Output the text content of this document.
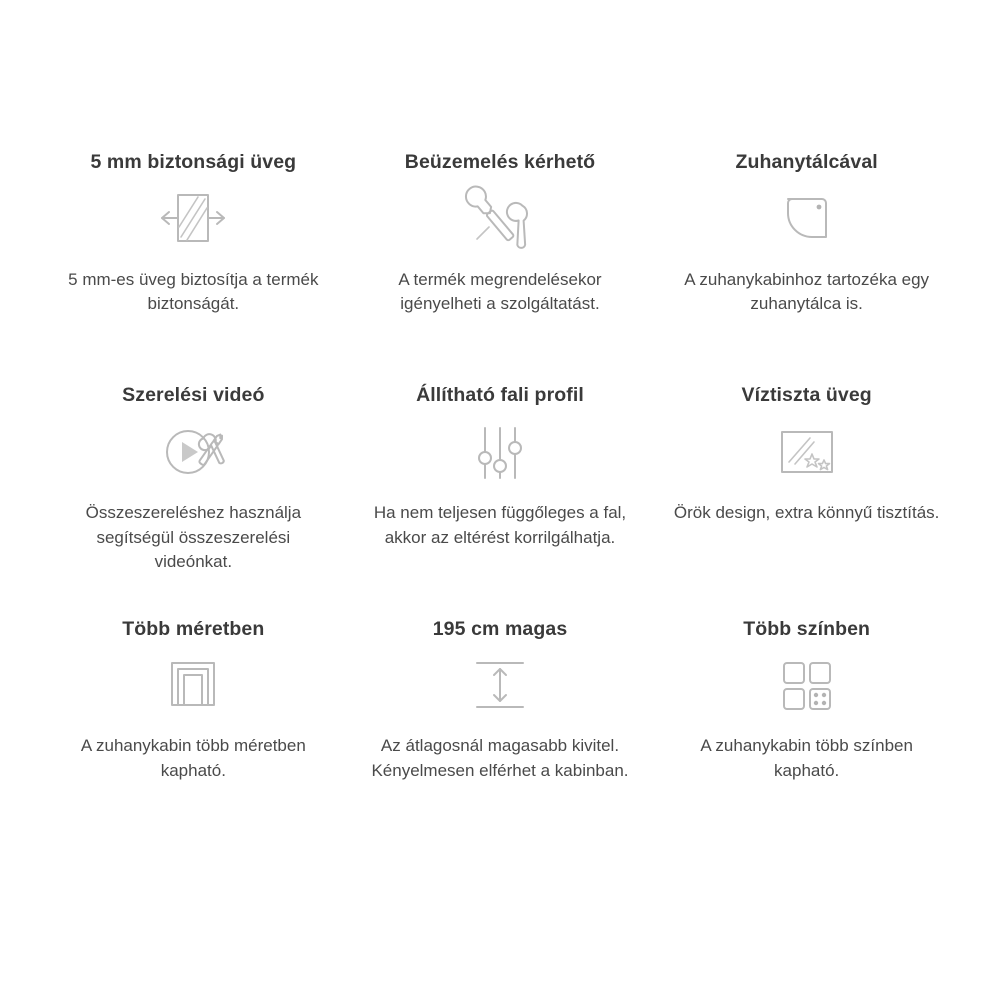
5 mm biztonsági üveg
5 mm-es üveg biztosítja a termék biztonságát.
Beüzemelés kérhető
A termék megrendelésekor igényelheti a szolgáltatást.
Zuhanytálcával
A zuhanykabinhoz tartozéka egy zuhanytálca is.
Szerelési videó
Összeszereléshez használja segítségül összeszerelési videónkat.
Állítható fali profil
Ha nem teljesen függőleges a fal, akkor az eltérést korrilgálhatja.
Víztiszta üveg
Örök design, extra könnyű tisztítás.
Több méretben
A zuhanykabin több méretben kapható.
195 cm magas
Az átlagosnál magasabb kivitel. Kényelmesen elférhet a kabinban.
Több színben
A zuhanykabin több színben kapható.
